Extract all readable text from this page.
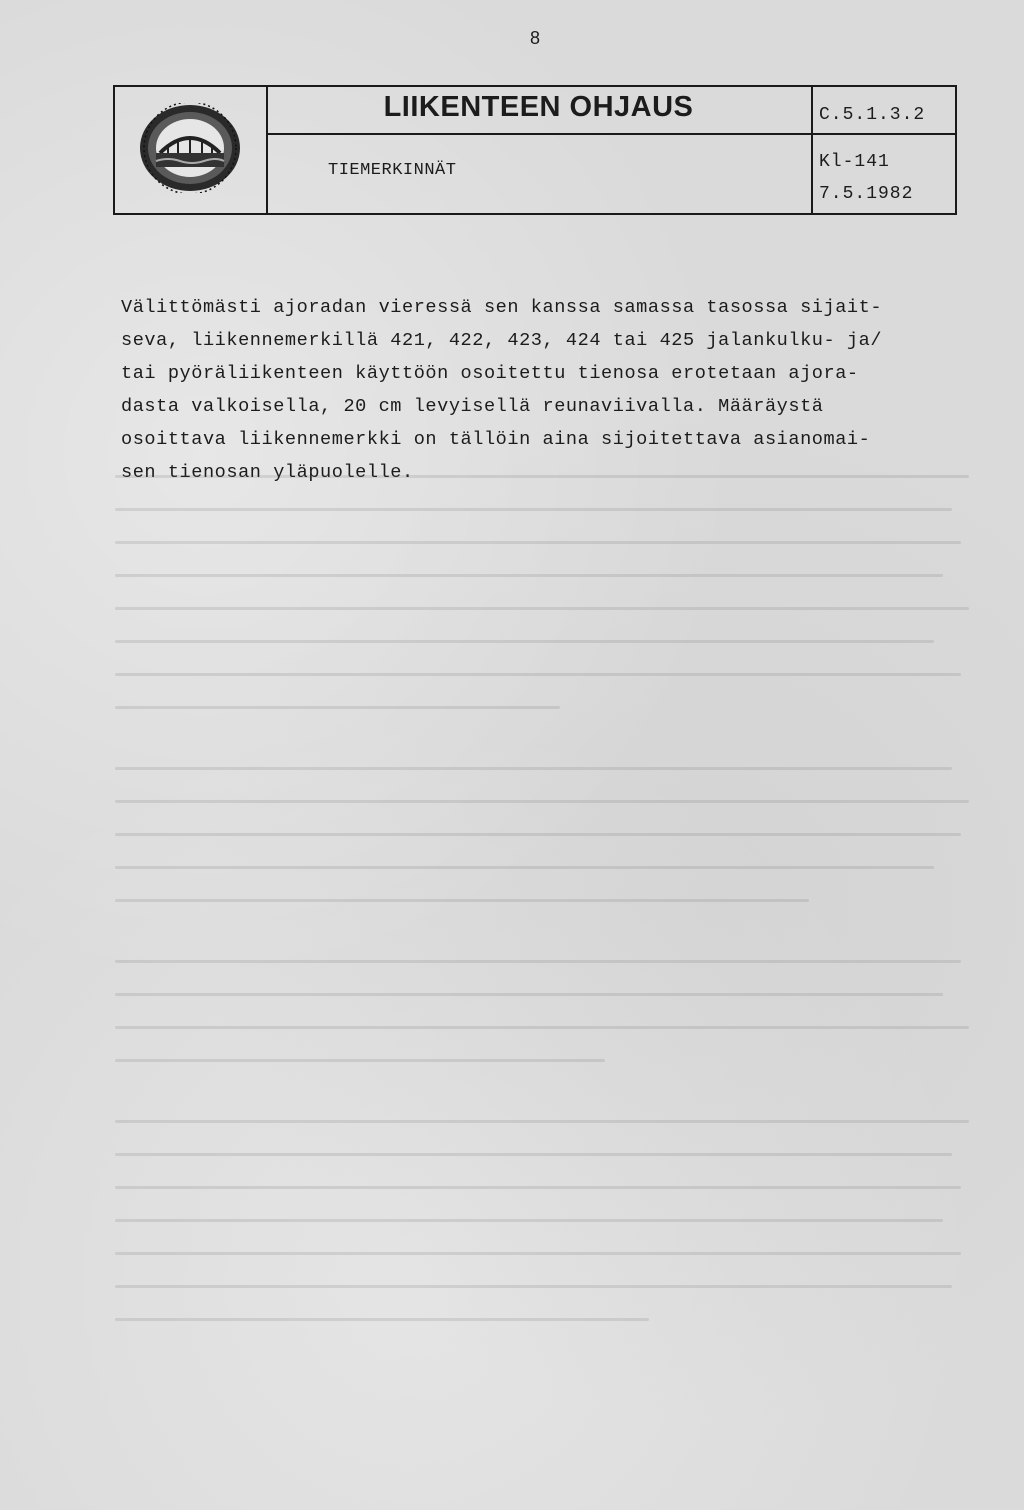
8
LIIKENTEEN OHJAUS
TIEMERKINNÄT
C.5.1.3.2
Kl-141
7.5.1982

Välittömästi ajoradan vieressä sen kanssa samassa tasossa sijait-

seva, liikennemerkillä 421, 422, 423, 424 tai 425 jalankulku- ja/

tai pyöräliikenteen käyttöön osoitettu tienosa erotetaan ajora-

dasta valkoisella, 20 cm levyisellä reunaviivalla. Määräystä

osoittava liikennemerkki on tällöin aina sijoitettava asianomai-

sen tienosan yläpuolelle.
